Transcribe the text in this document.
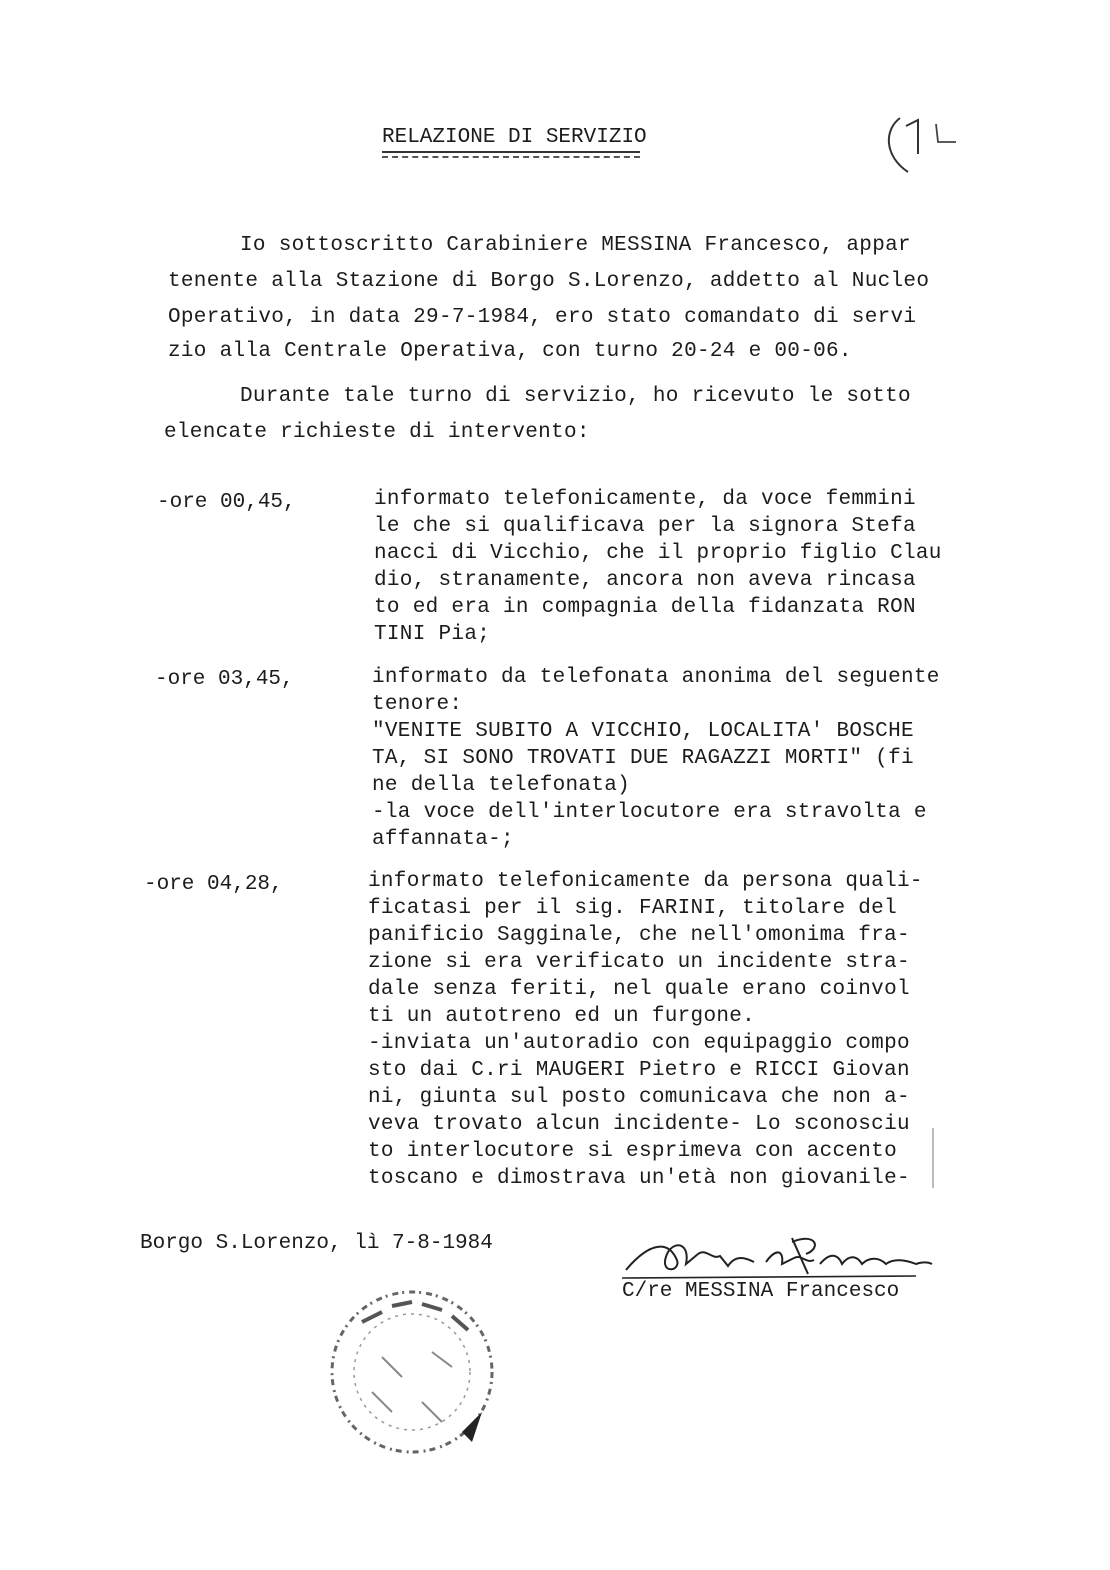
RELAZIONE DI SERVIZIO
Io sottoscritto Carabiniere MESSINA Francesco, appar
tenente alla Stazione di Borgo S.Lorenzo, addetto al Nucleo
Operativo, in data 29-7-1984, ero stato comandato di servi
zio alla Centrale Operativa, con turno 20-24 e 00-06.
Durante tale turno di servizio, ho ricevuto le sotto
elencate richieste di intervento:
-ore 00,45,	informato telefonicamente, da voce femmini
le che si qualificava per la signora Stefa
nacci di Vicchio, che il proprio figlio Clau
dio, stranamente, ancora non aveva rincasa
to ed era in compagnia della fidanzata RON
TINI Pia;
-ore 03,45,	informato da telefonata anonima del seguente
tenore:
"VENITE SUBITO A VICCHIO, LOCALITA' BOSCHE
TA, SI SONO TROVATI DUE RAGAZZI MORTI" (fi
ne della telefonata)
-la voce dell'interlocutore era stravolta e
affannata-;
-ore 04,28,	informato telefonicamente da persona quali-
ficatasi per il sig. FARINI, titolare del
panificio Sagginale, che nell'omonima fra-
zione si era verificato un incidente stra-
dale senza feriti, nel quale erano coinvol
ti un autotreno ed un furgone.
-inviata un'autoradio con equipaggio compo
sto dai C.ri MAUGERI Pietro e RICCI Giovan
ni, giunta sul posto comunicava che non a-
veva trovato alcun incidente- Lo sconosciu
to interlocutore si esprimeva con accento
toscano e dimostrava un'età non giovanile-
Borgo S.Lorenzo, lì 7-8-1984
C/re MESSINA Francesco
